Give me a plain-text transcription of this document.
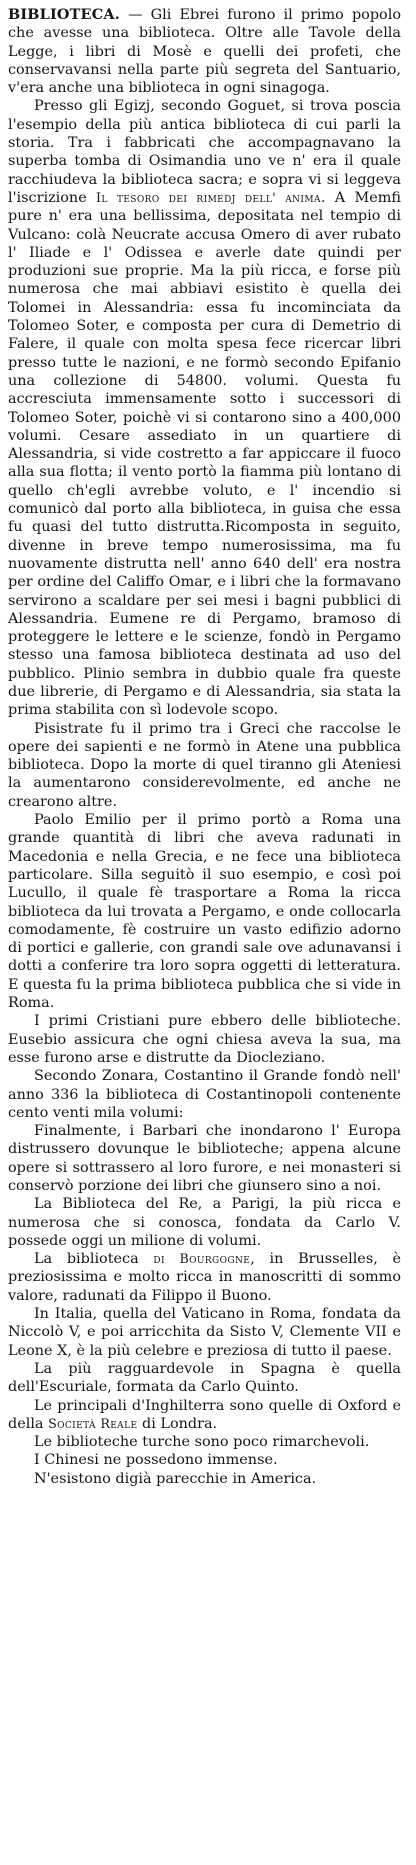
BIBLIOTECA. — Gli Ebrei furono il primo popolo che avesse una biblioteca. Oltre alle Tavole della Legge, i libri di Mosè e quelli dei profeti, che conservavansi nella parte più segreta del Santuario, v'era anche una biblioteca in ogni sinagoga.

Presso gli Egizj, secondo Goguet, si trova poscia l'esempio della più antica biblioteca di cui parli la storia. Tra i fabbricati che accompagnavano la superba tomba di Osimandia uno ve n' era il quale racchiudeva la biblioteca sacra; e sopra vi si leggeva l'iscrizione Il tesoro dei rimedj dell' anima. A Memfi pure n' era una bellissima, depositata nel tempio di Vulcano: colà Neucrate accusa Omero di aver rubato l' Iliade e l' Odissea e averle date quindi per produzioni sue proprie. Ma la più ricca, e forse più numerosa che mai abbiavi esistito è quella dei Tolomei in Alessandria: essa fu incominciata da Tolomeo Soter, e composta per cura di Demetrio di Falere, il quale con molta spesa fece ricercar libri presso tutte le nazioni, e ne formò secondo Epifanio una collezione di 54800. volumi. Questa fu accresciuta immensamente sotto i successori di Tolomeo Soter, poichè vi si contarono sino a 400,000 volumi. Cesare assediato in un quartiere di Alessandria, si vide costretto a far appiccare il fuoco alla sua flotta; il vento portò la fiamma più lontano di quello ch'egli avrebbe voluto, e l' incendio si comunicò dal porto alla biblioteca, in guisa che essa fu quasi del tutto distrutta.Ricomposta in seguito, divenne in breve tempo numerosissima, ma fu nuovamente distrutta nell' anno 640 dell' era nostra per ordine del Califfo Omar, e i libri che la formavano servirono a scaldare per sei mesi i bagni pubblici di Alessandria. Eumene re di Pergamo, bramoso di proteggere le lettere e le scienze, fondò in Pergamo stesso una famosa biblioteca destinata ad uso del pubblico. Plinio sembra in dubbio quale fra queste due librerie, di Pergamo e di Alessandria, sia stata la prima stabilita con sì lodevole scopo.

Pisistrate fu il primo tra i Greci che raccolse le opere dei sapienti e ne formò in Atene una pubblica biblioteca. Dopo la morte di quel tiranno gli Ateniesi la aumentarono considerevolmente, ed anche ne crearono altre.

Paolo Emilio per il primo portò a Roma una grande quantità di libri che aveva radunati in Macedonia e nella Grecia, e ne fece una biblioteca particolare. Silla seguitò il suo esempio, e così poi Lucullo, il quale fè trasportare a Roma la ricca biblioteca da lui trovata a Pergamo, e onde collocarla comodamente, fè costruire un vasto edifizio adorno di portici e gallerie, con grandi sale ove adunavansi i dotti a conferire tra loro sopra oggetti di letteratura. E questa fu la prima biblioteca pubblica che si vide in Roma.

I primi Cristiani pure ebbero delle biblioteche. Eusebio assicura che ogni chiesa aveva la sua, ma esse furono arse e distrutte da Diocleziano.

Secondo Zonara, Costantino il Grande fondò nell' anno 336 la biblioteca di Costantinopoli contenente cento venti mila volumi:

Finalmente, i Barbari che inondarono l' Europa distrussero dovunque le biblioteche; appena alcune opere si sottrassero al loro furore, e nei monasteri si conservò porzione dei libri che giunsero sino a noi.

La Biblioteca del Re, a Parigi, la più ricca e numerosa che si conosca, fondata da Carlo V. possede oggi un milione di volumi.

La biblioteca di Bourgogne, in Brusselles, è preziosissima e molto ricca in manoscritti di sommo valore, radunati da Filippo il Buono.

In Italia, quella del Vaticano in Roma, fondata da Niccolò V, e poi arricchita da Sisto V, Clemente VII e Leone X, è la più celebre e preziosa di tutto il paese.

La più ragguardevole in Spagna è quella dell'Escuriale, formata da Carlo Quinto.

Le principali d'Inghilterra sono quelle di Oxford e della Società Reale di Londra.

Le biblioteche turche sono poco rimarchevoli.

I Chinesi ne possedono immense.

N'esistono digià parecchie in America.
